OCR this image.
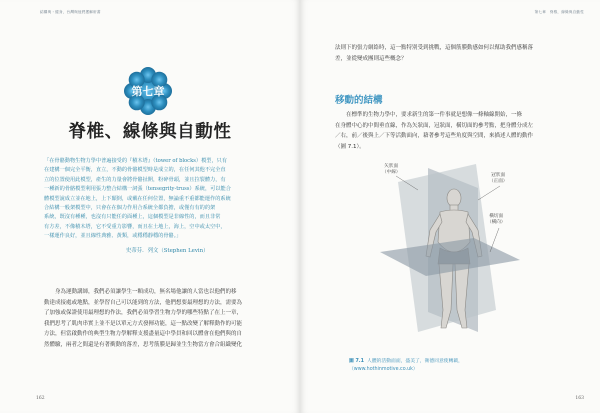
結構與・健身，台灣與他們獲解析書
第七章
脊椎、線條與自動性
「在骨骼動物生物力學中普遍接受的『積木塔』（tower of blocks）模型，只有
在建構一個完全平衡，直立，不動的骨骼模型時是成立的，在任何其他不完全直
立的位置使用此模型，產生的力量會將骨骼扯開，粉碎骨頭，並且拉裂體力，有
一種新的骨骼模型利用張力整合結構一詞張（tensegrity-truss）系統，可以能合
體模型說成立並在地上，上下顛倒，或戴在任何位置，無論重不重都能運作的系統
合結構一般架模型中，只會在在個力作用合系統全都負擔，或僅有有的的架
系統，既沒有種種，也沒有只能任的面種上，這個模型是非線性的，而且非常
有方差，不像積木塔，它不受重力影響，而且在土地上，海上，空中或太空中，
一樣運作良好，並且線性典雅、黃類，或穩穩靜穩的骨骼。」
史蒂芬．列文（Stephen Levin）
身為運動講師，我們必須讓學生一顆成功，無名場他讓的人當也以他們的移
動達成接處或地點，並學習自己可以能到的方法，他們想要最理想的方法，需要為
了加強或保證使用最理想的作法，我們必須學習生物力學的哪些特點了在上一章，
我們思考了肌肉串實上並不是以單元方式發揮功能，這一點改變了解釋動作的可能
方法，但當啟動作的典型生物力學解釋支援盡量這中學員和回以體會在他們與的自
然體驗，兩者之間還是有著衝動的落差，思考筋膜是歸並生生物當方會合組織變化
162
第七章　脊椎，線條與自動性
法則下的張力網絡時，這一點特別受到挑戰，這個筋膜動感如何以幫助我們感稱落
差，並從變成團則這些概念？
移動的結構
在標準的生物力學中，要求新生的第一件事就是想像一條軸線開始，一條
在身體中心的中間垂直線，作為矢狀面，冠狀面，橫切面的參考點，把身體分成左
／右，前／後與上／下等活動面向，藉著參考這些角度與空間，來描述人體的動作
（圖 7.1）。
矢狀面
（中線）
冠狀面
（正面）
橫切面
（橫向）
圖 7.1 人體的活動面面，盛美了，衛德同意使轉載，
（www.hothinmotive.co.uk）
163
